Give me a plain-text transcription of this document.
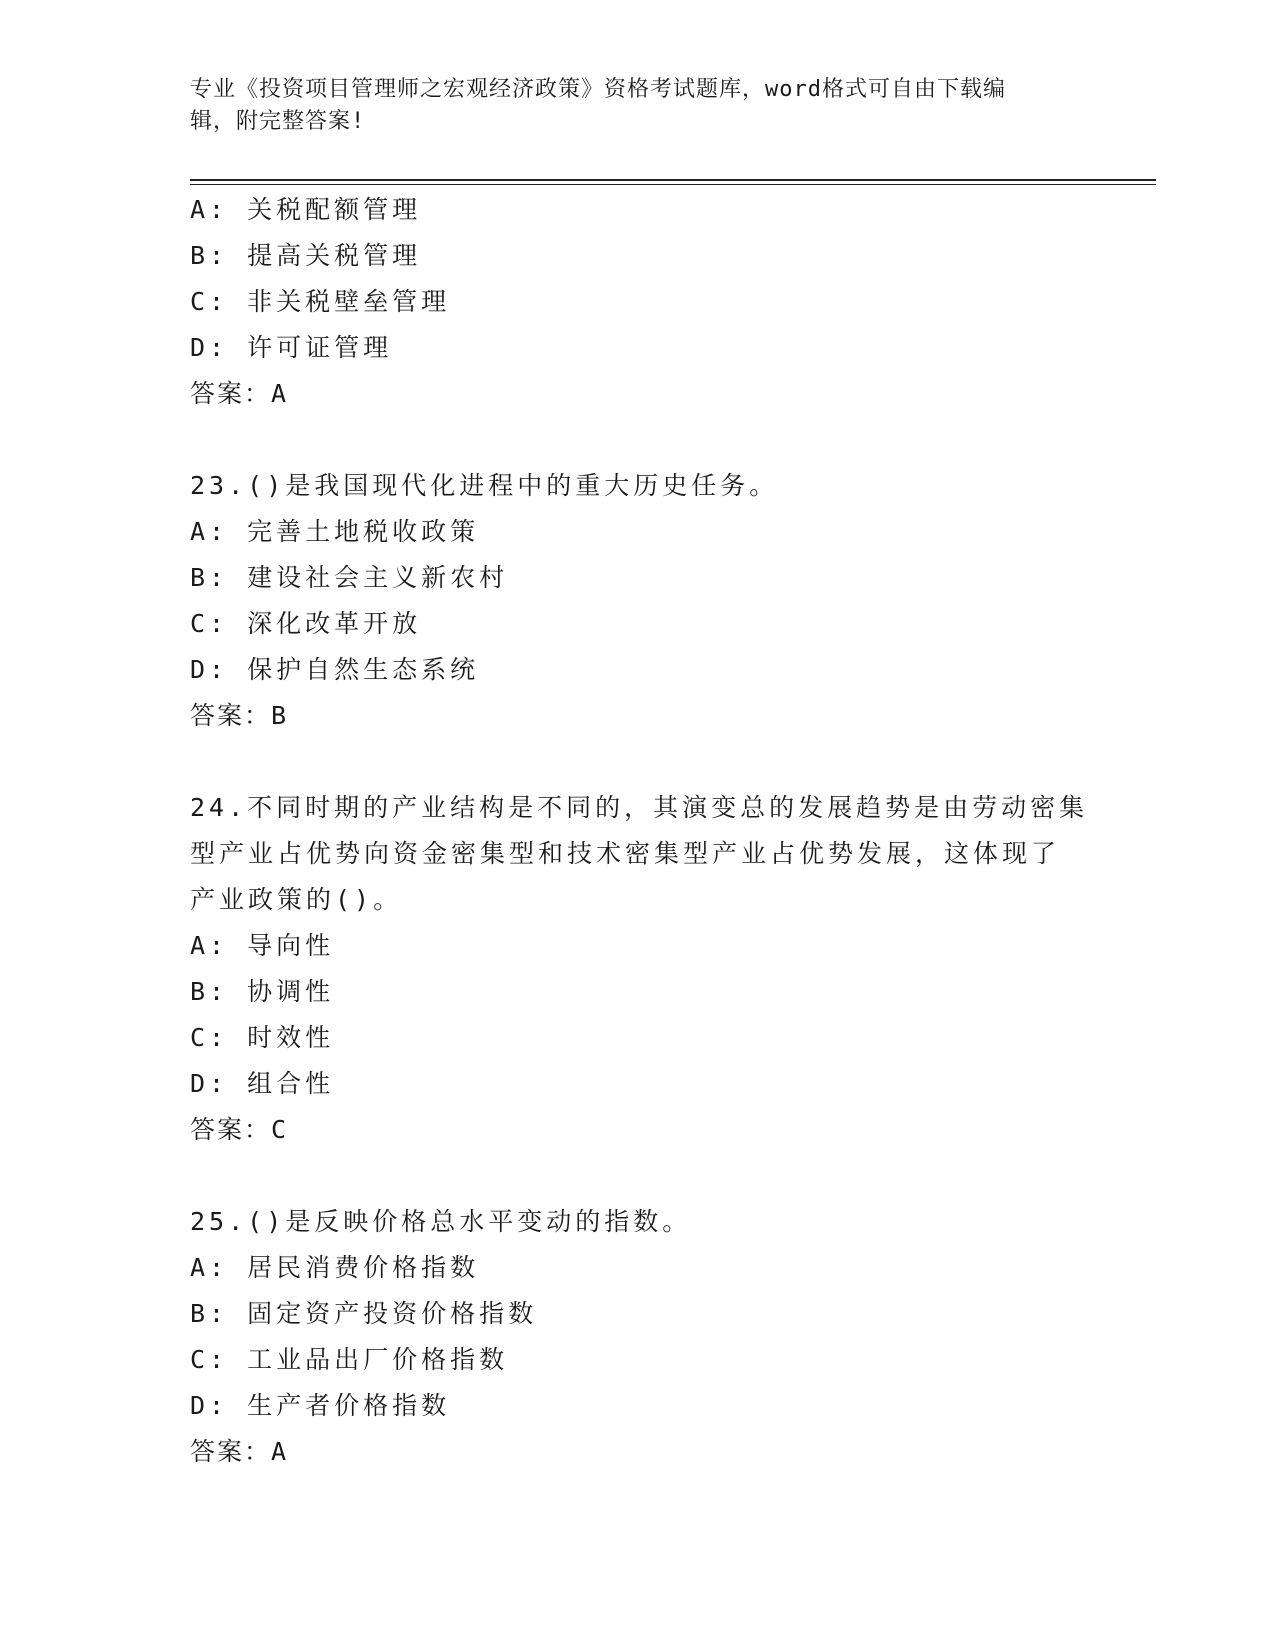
专业《投资项目管理师之宏观经济政策》资格考试题库，word格式可自由下载编
辑，附完整答案!
A: 关税配额管理
B: 提高关税管理
C: 非关税壁垒管理
D: 许可证管理
答案：A
23.()是我国现代化进程中的重大历史任务。
A: 完善土地税收政策
B: 建设社会主义新农村
C: 深化改革开放
D: 保护自然生态系统
答案：B
24.不同时期的产业结构是不同的，其演变总的发展趋势是由劳动密集
型产业占优势向资金密集型和技术密集型产业占优势发展，这体现了
产业政策的()。
A: 导向性
B: 协调性
C: 时效性
D: 组合性
答案：C
25.()是反映价格总水平变动的指数。
A: 居民消费价格指数
B: 固定资产投资价格指数
C: 工业品出厂价格指数
D: 生产者价格指数
答案：A
